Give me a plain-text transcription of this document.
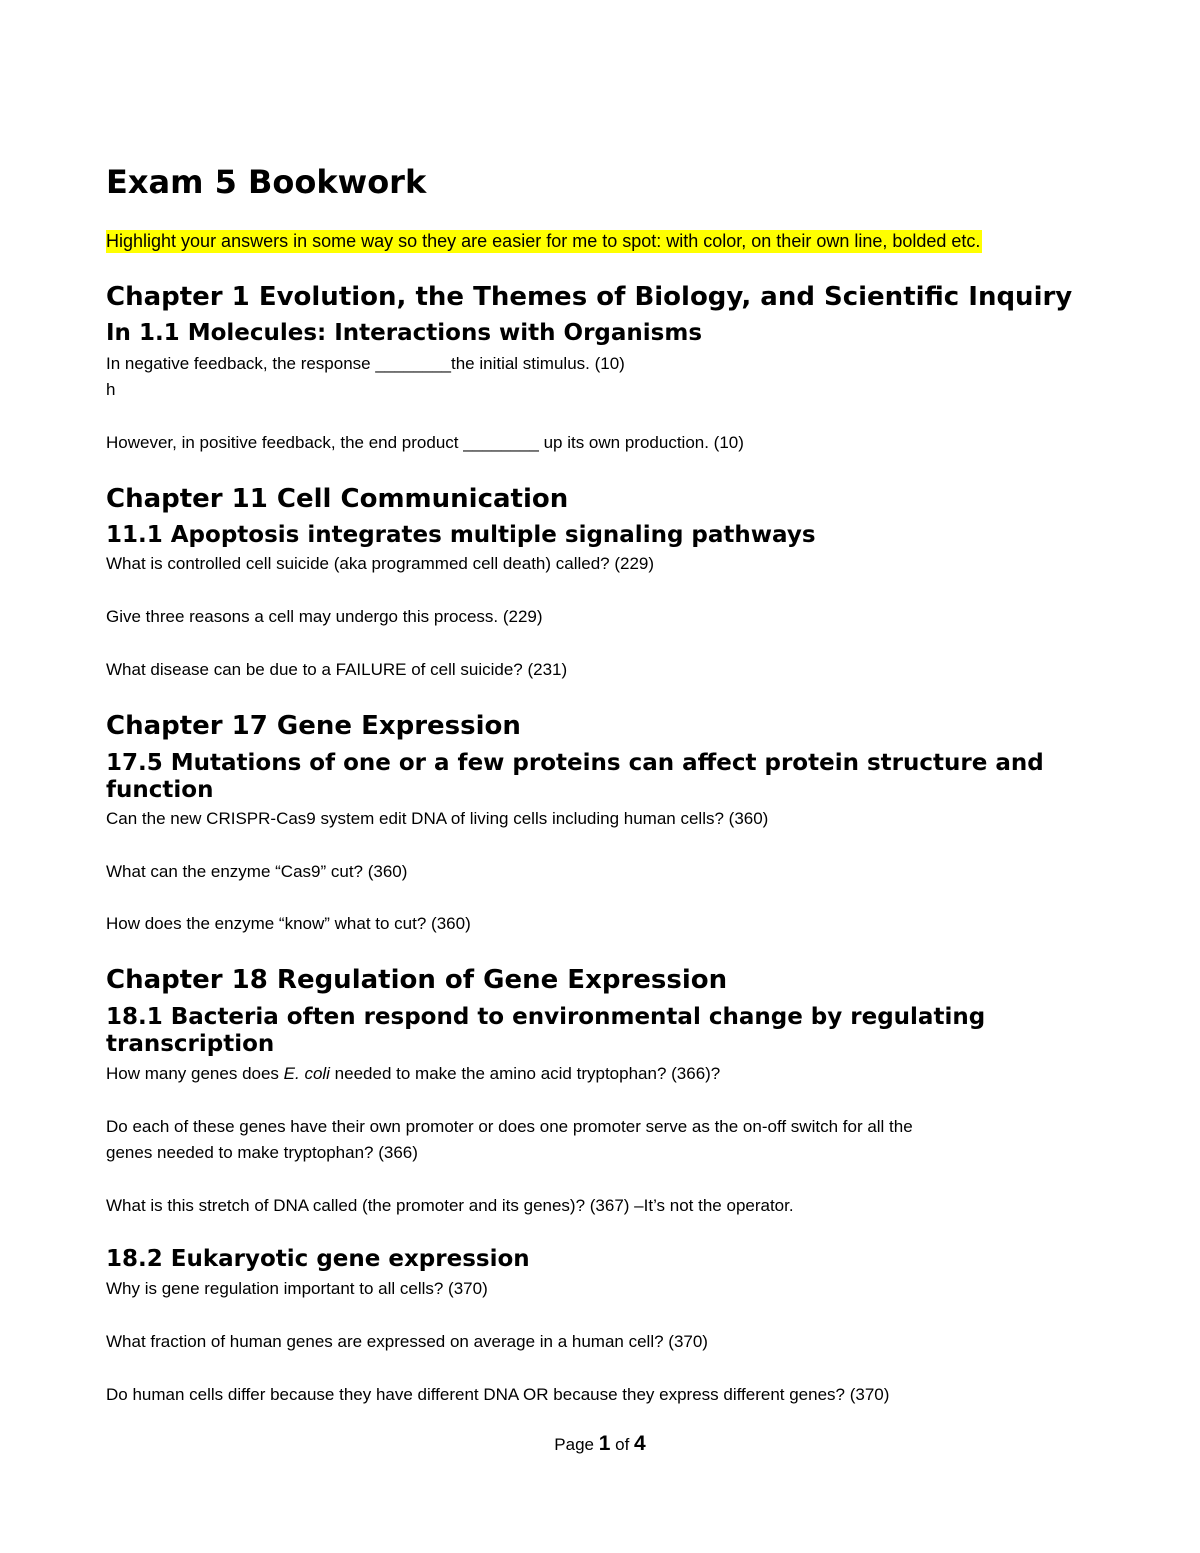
Exam 5 Bookwork
Highlight your answers in some way so they are easier for me to spot: with color, on their own line, bolded etc.
Chapter 1 Evolution, the Themes of Biology, and Scientific Inquiry
In 1.1 Molecules: Interactions with Organisms
In negative feedback, the response ________the initial stimulus. (10)
h
However, in positive feedback, the end product ________ up its own production. (10)
Chapter 11 Cell Communication
11.1 Apoptosis integrates multiple signaling pathways
What is controlled cell suicide (aka programmed cell death) called? (229)
Give three reasons a cell may undergo this process. (229)
What disease can be due to a FAILURE of cell suicide? (231)
Chapter 17 Gene Expression
17.5 Mutations of one or a few proteins can affect protein structure and
function
Can the new CRISPR-Cas9 system edit DNA of living cells including human cells? (360)
What can the enzyme “Cas9” cut? (360)
How does the enzyme “know” what to cut? (360)
Chapter 18 Regulation of Gene Expression
18.1 Bacteria often respond to environmental change by regulating
transcription
How many genes does E. coli needed to make the amino acid tryptophan? (366)?
Do each of these genes have their own promoter or does one promoter serve as the on-off switch for all the
genes needed to make tryptophan? (366)
What is this stretch of DNA called (the promoter and its genes)? (367) –It’s not the operator.
18.2 Eukaryotic gene expression
Why is gene regulation important to all cells? (370)
What fraction of human genes are expressed on average in a human cell? (370)
Do human cells differ because they have different DNA OR because they express different genes? (370)
Page 1 of 4
